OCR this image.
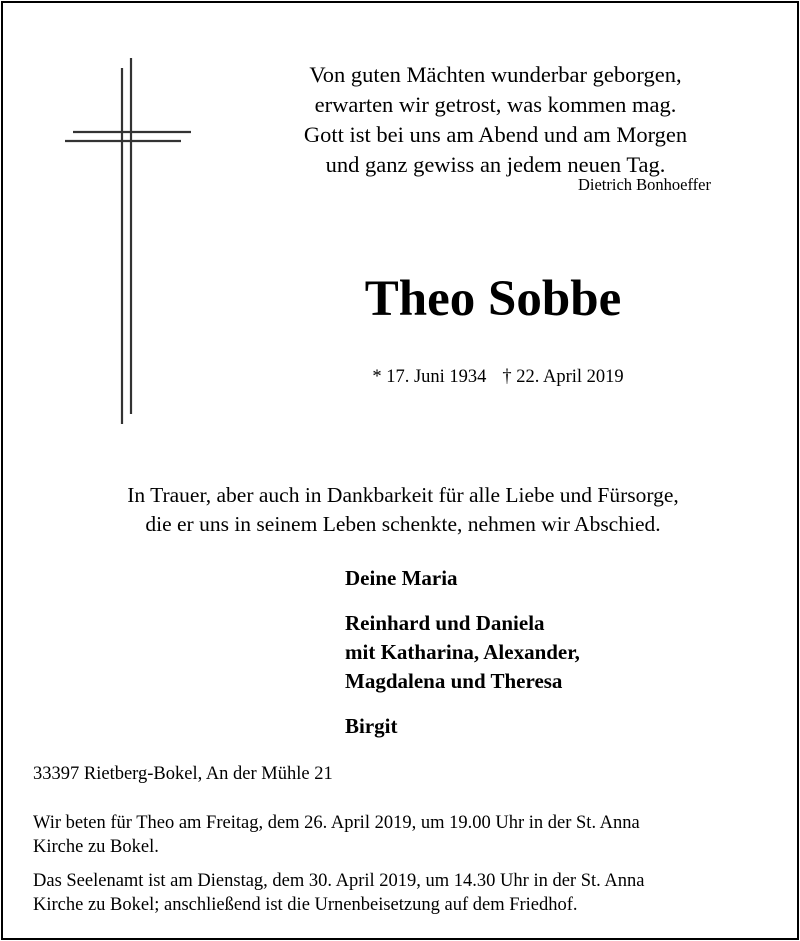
Von guten Mächten wunderbar geborgen,
erwarten wir getrost, was kommen mag.
Gott ist bei uns am Abend und am Morgen
und ganz gewiss an jedem neuen Tag.
Dietrich Bonhoeffer
Theo Sobbe
* 17. Juni 1934 † 22. April 2019
In Trauer, aber auch in Dankbarkeit für alle Liebe und Fürsorge,
die er uns in seinem Leben schenkte, nehmen wir Abschied.
Deine Maria
Reinhard und Daniela
mit Katharina, Alexander,
Magdalena und Theresa
Birgit
33397 Rietberg-Bokel, An der Mühle 21
Wir beten für Theo am Freitag, dem 26. April 2019, um 19.00 Uhr in der St. Anna
Kirche zu Bokel.
Das Seelenamt ist am Dienstag, dem 30. April 2019, um 14.30 Uhr in der St. Anna
Kirche zu Bokel; anschließend ist die Urnenbeisetzung auf dem Friedhof.
